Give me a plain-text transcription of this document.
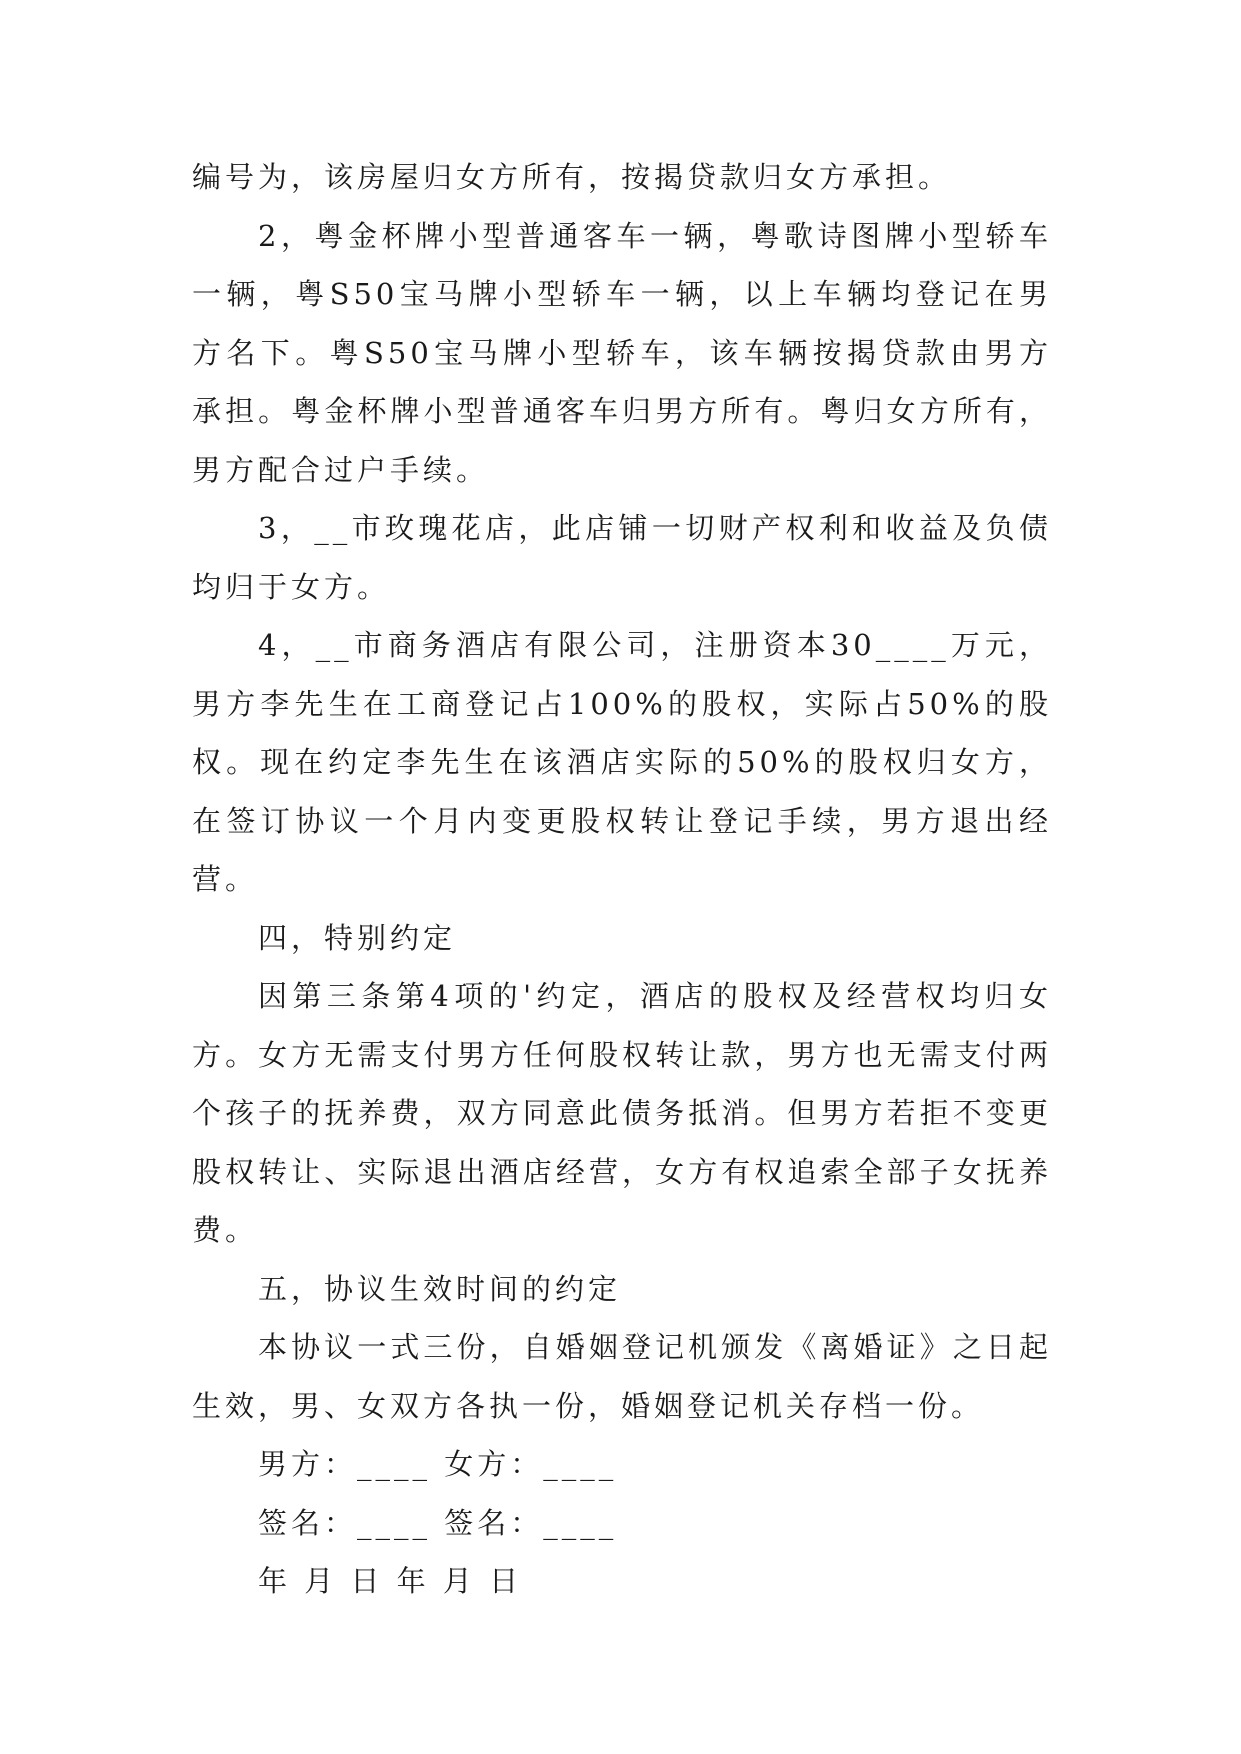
编号为，该房屋归女方所有，按揭贷款归女方承担。

2，粤金杯牌小型普通客车一辆，粤歌诗图牌小型轿车一辆，粤S50宝马牌小型轿车一辆，以上车辆均登记在男方名下。粤S50宝马牌小型轿车，该车辆按揭贷款由男方承担。粤金杯牌小型普通客车归男方所有。粤归女方所有，男方配合过户手续。

3，__市玫瑰花店，此店铺一切财产权利和收益及负债均归于女方。

4，__市商务酒店有限公司，注册资本30____万元，男方李先生在工商登记占100%的股权，实际占50%的股权。现在约定李先生在该酒店实际的50%的股权归女方，在签订协议一个月内变更股权转让登记手续，男方退出经营。

四，特别约定

因第三条第4项的'约定，酒店的股权及经营权均归女方。女方无需支付男方任何股权转让款，男方也无需支付两个孩子的抚养费，双方同意此债务抵消。但男方若拒不变更股权转让、实际退出酒店经营，女方有权追索全部子女抚养费。

五，协议生效时间的约定

本协议一式三份，自婚姻登记机颁发《离婚证》之日起生效，男、女双方各执一份，婚姻登记机关存档一份。

男方：____ 女方：____

签名：____ 签名：____

年 月 日 年 月 日
